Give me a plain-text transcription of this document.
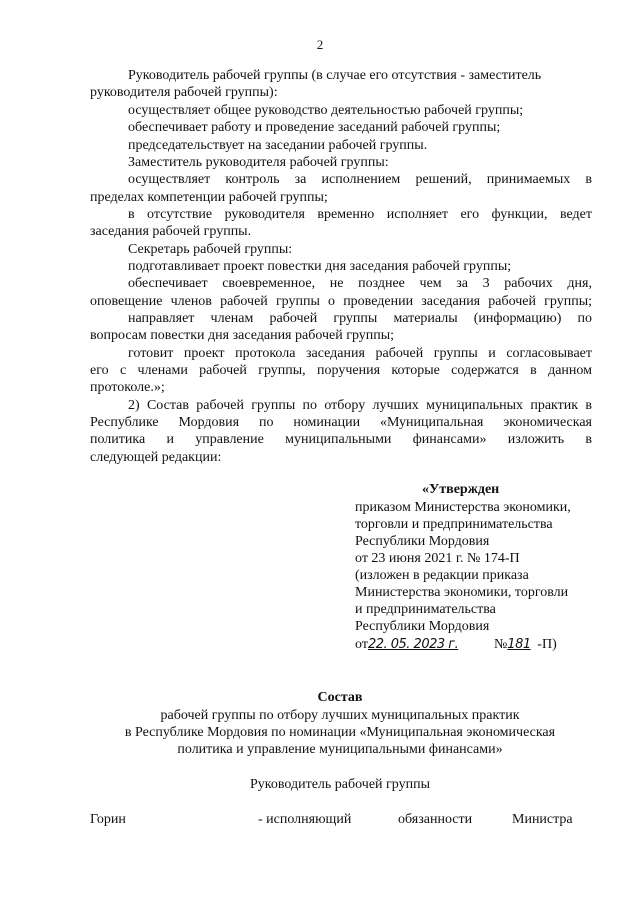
2
Руководитель рабочей группы (в случае его отсутствия - заместитель
руководителя рабочей группы):
осуществляет общее руководство деятельностью рабочей группы;
обеспечивает работу и проведение заседаний рабочей группы;
председательствует на заседании рабочей группы.
Заместитель руководителя рабочей группы:
осуществляет контроль за исполнением решений, принимаемых в
пределах компетенции рабочей группы;
в отсутствие руководителя временно исполняет его функции, ведет
заседания рабочей группы.
Секретарь рабочей группы:
подготавливает проект повестки дня заседания рабочей группы;
обеспечивает своевременное, не позднее чем за 3 рабочих дня,
оповещение членов рабочей группы о проведении заседания рабочей группы;
направляет членам рабочей группы материалы (информацию) по
вопросам повестки дня заседания рабочей группы;
готовит проект протокола заседания рабочей группы и согласовывает
его с членами рабочей группы, поручения которые содержатся в данном
протоколе.»;
2) Состав рабочей группы по отбору лучших муниципальных практик в
Республике Мордовия по номинации «Муниципальная экономическая
политика и управление муниципальными финансами» изложить в
следующей редакции:
«Утвержден
приказом Министерства экономики,
торговли и предпринимательства
Республики Мордовия
от 23 июня 2021 г. № 174-П
(изложен в редакции приказа
Министерства экономики, торговли
и предпринимательства
Республики Мордовия
от22. 05. 2023 г.	№181 -П)
Состав
рабочей группы по отбору лучших муниципальных практик
в Республике Мордовия по номинации «Муниципальная экономическая
политика и управление муниципальными финансами»
Руководитель рабочей группы
Горин	- исполняющий	обязанности	Министра
